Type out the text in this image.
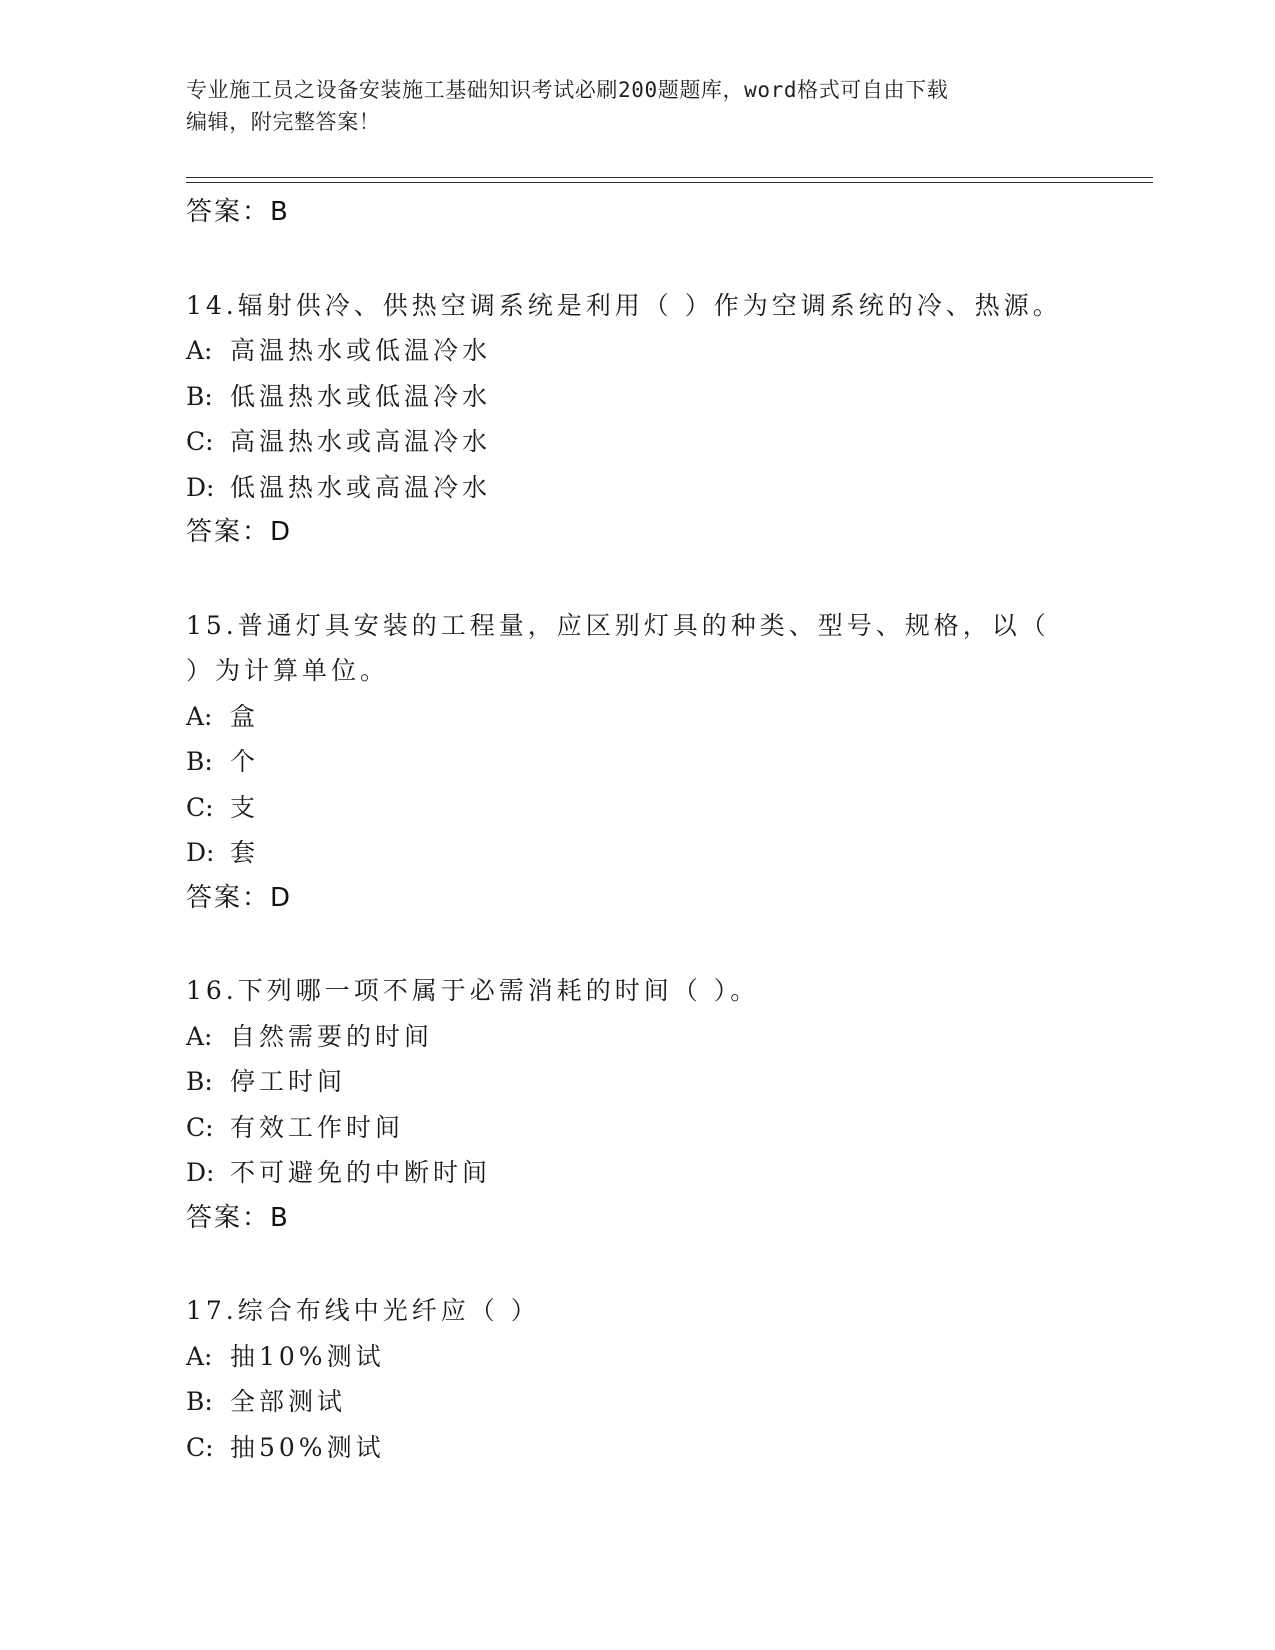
专业施工员之设备安装施工基础知识考试必刷200题题库，word格式可自由下载
编辑，附完整答案！
答案：B
14.辐射供冷、供热空调系统是利用（ ）作为空调系统的冷、热源。
A: 高温热水或低温冷水
B: 低温热水或低温冷水
C: 高温热水或高温冷水
D: 低温热水或高温冷水
答案：D
15.普通灯具安装的工程量，应区别灯具的种类、型号、规格，以（
）为计算单位。
A: 盒
B: 个
C: 支
D: 套
答案：D
16.下列哪一项不属于必需消耗的时间（ ）。
A: 自然需要的时间
B: 停工时间
C: 有效工作时间
D: 不可避免的中断时间
答案：B
17.综合布线中光纤应（ ）
A: 抽10%测试
B: 全部测试
C: 抽50%测试
